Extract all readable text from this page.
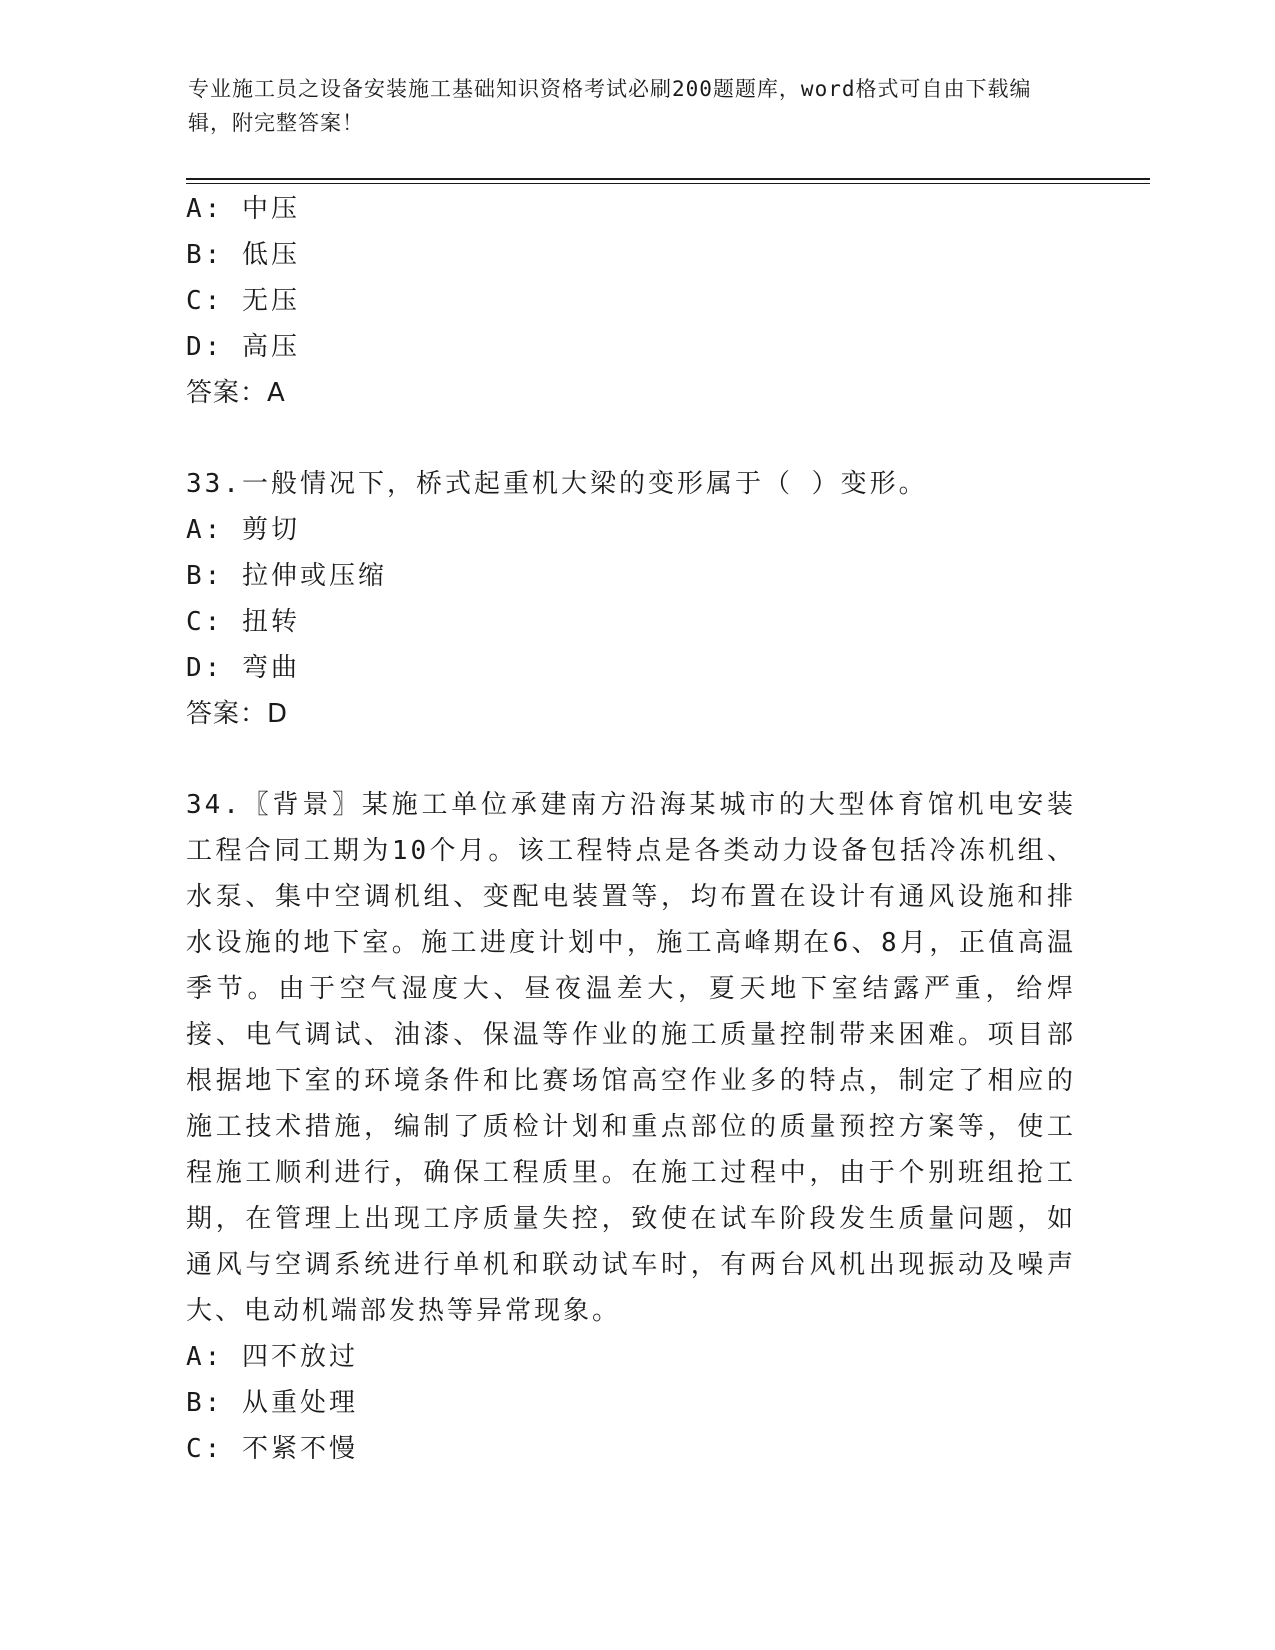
专业施工员之设备安装施工基础知识资格考试必刷200题题库，word格式可自由下载编辑，附完整答案！
A: 中压
B: 低压
C: 无压
D: 高压
答案：A
33.一般情况下，桥式起重机大梁的变形属于（ ）变形。
A: 剪切
B: 拉伸或压缩
C: 扭转
D: 弯曲
答案：D
34.〖背景〗某施工单位承建南方沿海某城市的大型体育馆机电安装工程合同工期为10个月。该工程特点是各类动力设备包括冷冻机组、水泵、集中空调机组、变配电装置等，均布置在设计有通风设施和排水设施的地下室。施工进度计划中，施工高峰期在6、8月，正值高温季节。由于空气湿度大、昼夜温差大，夏天地下室结露严重，给焊接、电气调试、油漆、保温等作业的施工质量控制带来困难。项目部根据地下室的环境条件和比赛场馆高空作业多的特点，制定了相应的施工技术措施，编制了质检计划和重点部位的质量预控方案等，使工程施工顺利进行，确保工程质里。在施工过程中，由于个别班组抢工期，在管理上出现工序质量失控，致使在试车阶段发生质量问题，如通风与空调系统进行单机和联动试车时，有两台风机出现振动及噪声大、电动机端部发热等异常现象。
A: 四不放过
B: 从重处理
C: 不紧不慢
